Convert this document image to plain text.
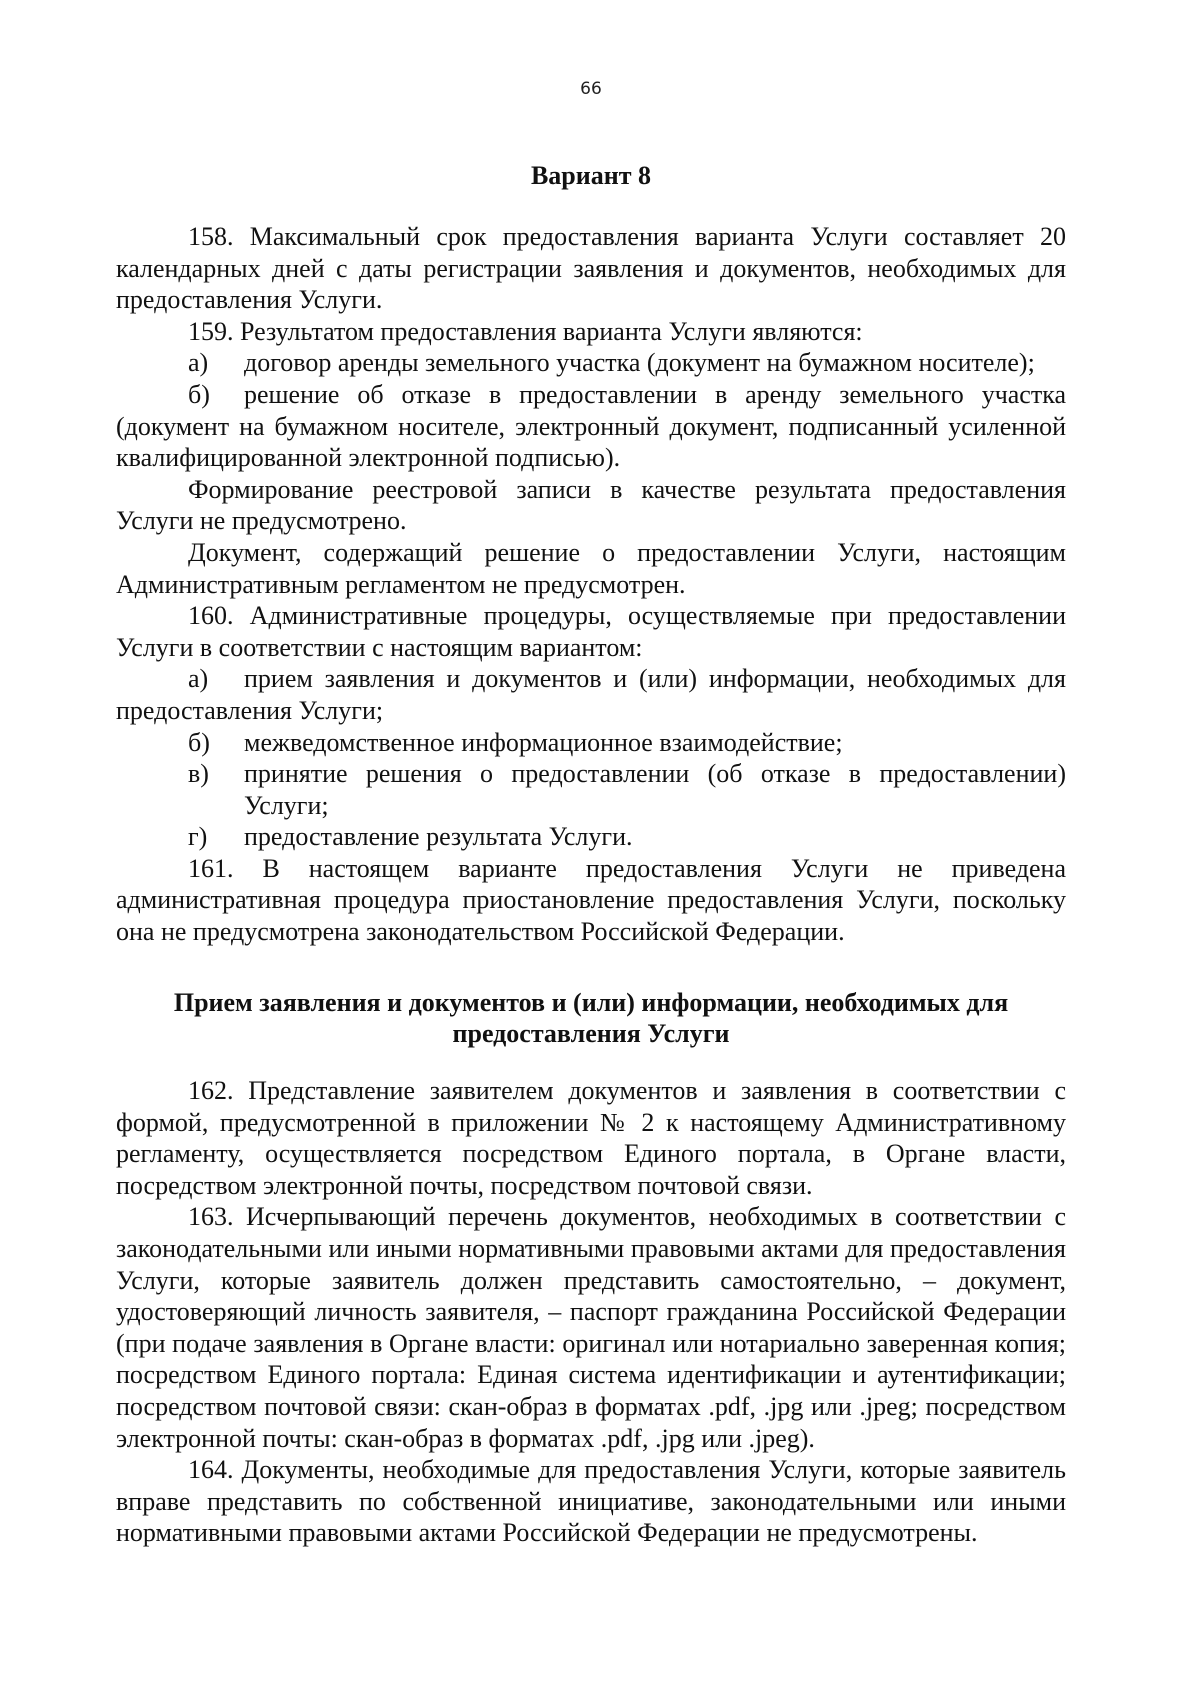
66
Вариант 8

158. Максимальный срок предоставления варианта Услуги составляет 20 календарных дней с даты регистрации заявления и документов, необходимых для предоставления Услуги.

159. Результатом предоставления варианта Услуги являются:

а)	договор аренды земельного участка (документ на бумажном носителе);

б) решение об отказе в предоставлении в аренду земельного участка (документ на бумажном носителе, электронный документ, подписанный усиленной квалифицированной электронной подписью).

Формирование реестровой записи в качестве результата предоставления Услуги не предусмотрено.

Документ, содержащий решение о предоставлении Услуги, настоящим Административным регламентом не предусмотрен.

160. Административные процедуры, осуществляемые при предоставлении Услуги в соответствии с настоящим вариантом:

а) прием заявления и документов и (или) информации, необходимых для предоставления Услуги;

б)	межведомственное информационное взаимодействие;
в)	принятие решения о предоставлении (об отказе в предоставлении) Услуги;
г)	предоставление результата Услуги.

161. В настоящем варианте предоставления Услуги не приведена административная процедура приостановление предоставления Услуги, поскольку она не предусмотрена законодательством Российской Федерации.

Прием заявления и документов и (или) информации, необходимых для предоставления Услуги

162. Представление заявителем документов и заявления в соответствии с формой, предусмотренной в приложении № 2 к настоящему Административному регламенту, осуществляется посредством Единого портала, в Органе власти, посредством электронной почты, посредством почтовой связи.

163. Исчерпывающий перечень документов, необходимых в соответствии с законодательными или иными нормативными правовыми актами для предоставления Услуги, которые заявитель должен представить самостоятельно, – документ, удостоверяющий личность заявителя, – паспорт гражданина Российской Федерации (при подаче заявления в Органе власти: оригинал или нотариально заверенная копия; посредством Единого портала: Единая система идентификации и аутентификации; посредством почтовой связи: скан-образ в форматах .pdf, .jpg или .jpeg; посредством электронной почты: скан-образ в форматах .pdf, .jpg или .jpeg).

164. Документы, необходимые для предоставления Услуги, которые заявитель вправе представить по собственной инициативе, законодательными или иными нормативными правовыми актами Российской Федерации не предусмотрены.
